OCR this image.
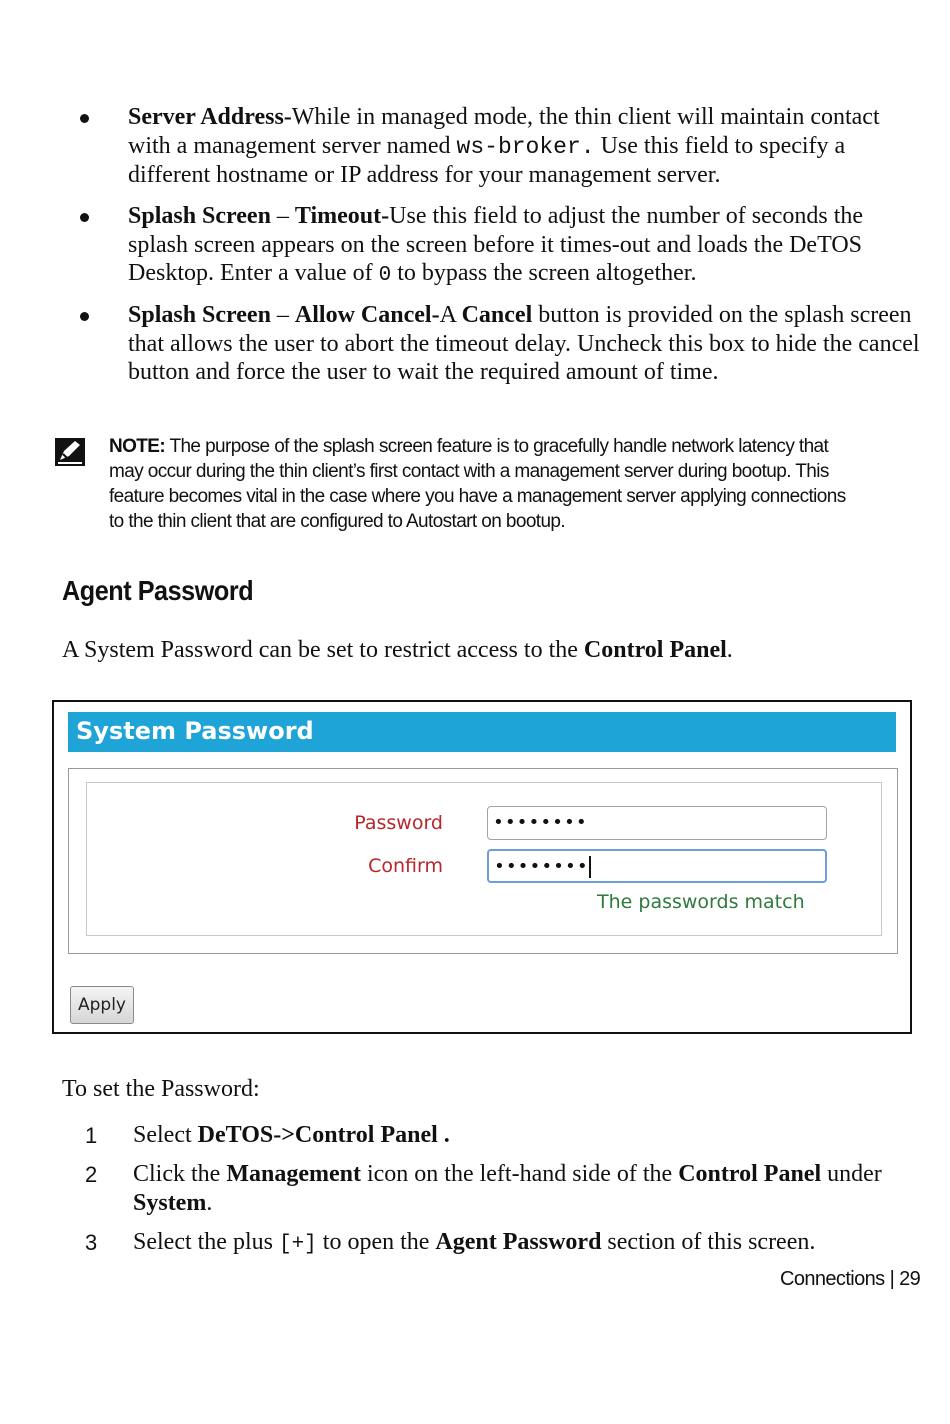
Server Address-While in managed mode, the thin client will maintain contact with a management server named ws-broker. Use this field to specify a different hostname or IP address for your management server.
Splash Screen – Timeout-Use this field to adjust the number of seconds the splash screen appears on the screen before it times-out and loads the DeTOS Desktop. Enter a value of 0 to bypass the screen altogether.
Splash Screen – Allow Cancel-A Cancel button is provided on the splash screen that allows the user to abort the timeout delay. Uncheck this box to hide the cancel button and force the user to wait the required amount of time.
NOTE: The purpose of the splash screen feature is to gracefully handle network latency that may occur during the thin client’s first contact with a management server during bootup. This feature becomes vital in the case where you have a management server applying connections to the thin client that are configured to Autostart on bootup.
Agent Password
A System Password can be set to restrict access to the Control Panel.
System Password
Password	••••••••
Confirm	••••••••
The passwords match
Apply
To set the Password:
1 Select DeTOS->Control Panel .
2 Click the Management icon on the left-hand side of the Control Panel under System.
3 Select the plus [+] to open the Agent Password section of this screen.
Connections | 29
